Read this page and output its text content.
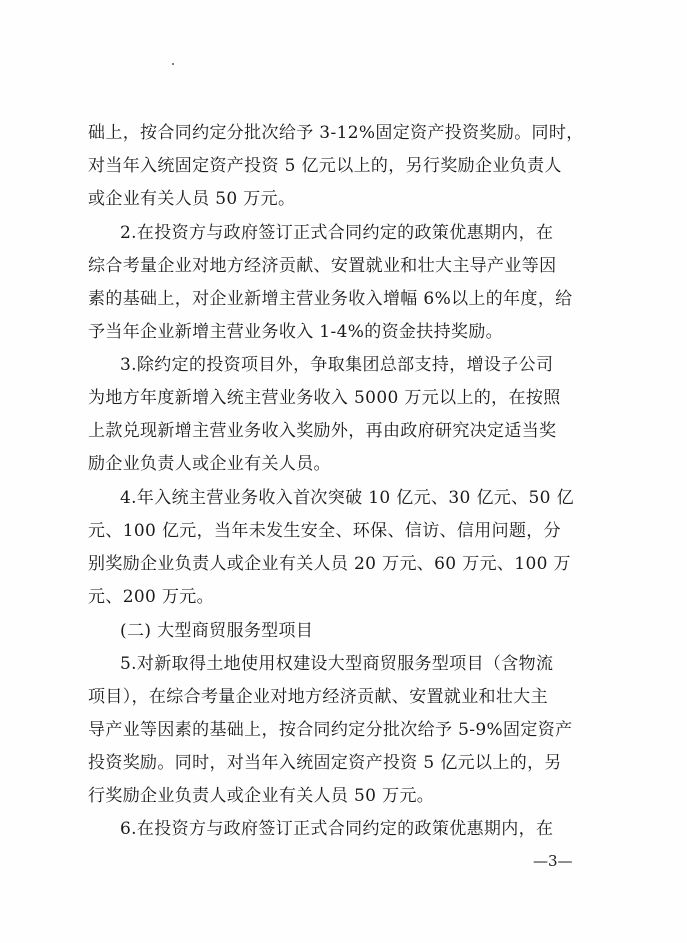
础上，按合同约定分批次给予 3-12%固定资产投资奖励。同时，
对当年入统固定资产投资 5 亿元以上的，另行奖励企业负责人
或企业有关人员 50 万元。
2.在投资方与政府签订正式合同约定的政策优惠期内，在
综合考量企业对地方经济贡献、安置就业和壮大主导产业等因
素的基础上，对企业新增主营业务收入增幅 6%以上的年度，给
予当年企业新增主营业务收入 1-4%的资金扶持奖励。
3.除约定的投资项目外，争取集团总部支持，增设子公司
为地方年度新增入统主营业务收入 5000 万元以上的，在按照
上款兑现新增主营业务收入奖励外，再由政府研究决定适当奖
励企业负责人或企业有关人员。
4.年入统主营业务收入首次突破 10 亿元、30 亿元、50 亿
元、100 亿元，当年未发生安全、环保、信访、信用问题，分
别奖励企业负责人或企业有关人员 20 万元、60 万元、100 万
元、200 万元。
(二) 大型商贸服务型项目
5.对新取得土地使用权建设大型商贸服务型项目（含物流
项目），在综合考量企业对地方经济贡献、安置就业和壮大主
导产业等因素的基础上，按合同约定分批次给予 5-9%固定资产
投资奖励。同时，对当年入统固定资产投资 5 亿元以上的，另
行奖励企业负责人或企业有关人员 50 万元。
6.在投资方与政府签订正式合同约定的政策优惠期内，在
—3—
